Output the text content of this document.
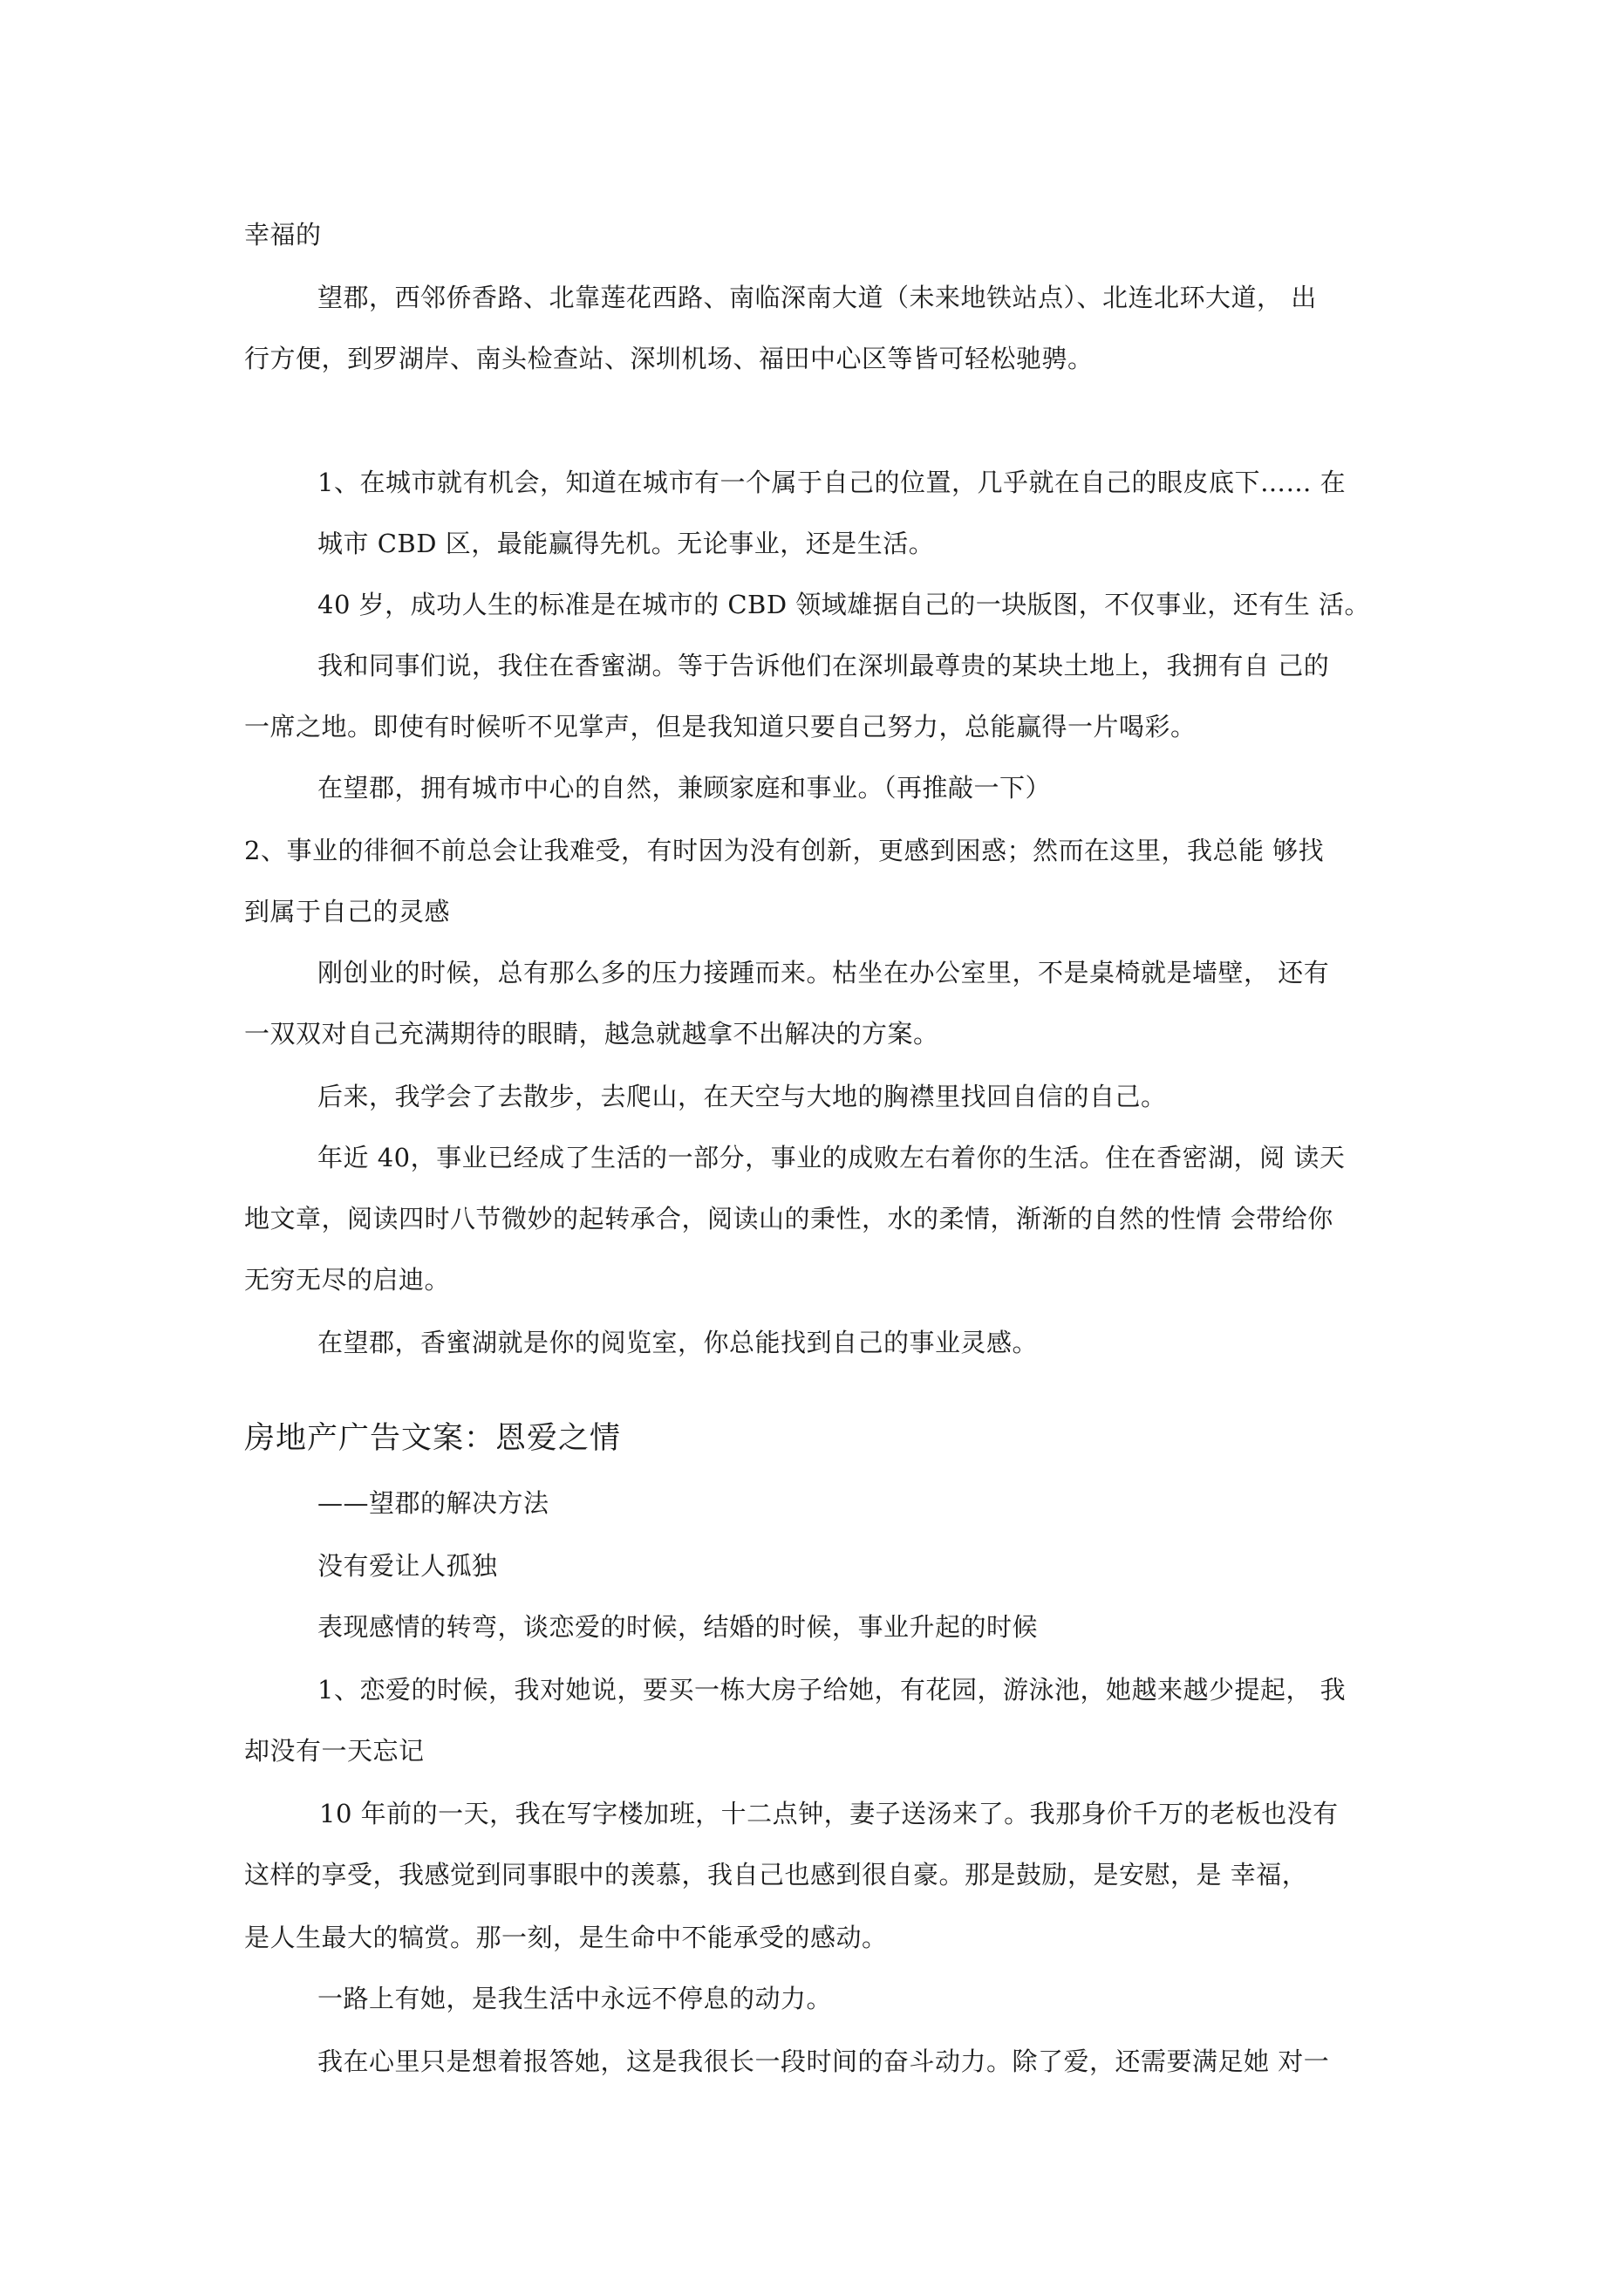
幸福的
望郡，西邻侨香路、北靠莲花西路、南临深南大道（未来地铁站点）、北连北环大道， 出
行方便，到罗湖岸、南头检查站、深圳机场、福田中心区等皆可轻松驰骋。
1、在城市就有机会，知道在城市有一个属于自己的位置，几乎就在自己的眼皮底下…… 在
城市 CBD 区，最能赢得先机。无论事业，还是生活。
40 岁，成功人生的标准是在城市的 CBD 领域雄据自己的一块版图，不仅事业，还有生 活。
我和同事们说，我住在香蜜湖。等于告诉他们在深圳最尊贵的某块土地上，我拥有自 己的
一席之地。即使有时候听不见掌声，但是我知道只要自己努力，总能赢得一片喝彩。
在望郡，拥有城市中心的自然，兼顾家庭和事业。（再推敲一下）
2、事业的徘徊不前总会让我难受，有时因为没有创新，更感到困惑；然而在这里，我总能 够找
到属于自己的灵感
刚创业的时候，总有那么多的压力接踵而来。枯坐在办公室里，不是桌椅就是墙壁， 还有
一双双对自己充满期待的眼睛，越急就越拿不出解决的方案。
后来，我学会了去散步，去爬山，在天空与大地的胸襟里找回自信的自己。
年近 40，事业已经成了生活的一部分，事业的成败左右着你的生活。住在香密湖，阅 读天
地文章，阅读四时八节微妙的起转承合，阅读山的秉性，水的柔情，渐渐的自然的性情 会带给你
无穷无尽的启迪。
在望郡，香蜜湖就是你的阅览室，你总能找到自己的事业灵感。
房地产广告文案：恩爱之情
——望郡的解决方法
没有爱让人孤独
表现感情的转弯，谈恋爱的时候，结婚的时候，事业升起的时候
1、恋爱的时候，我对她说，要买一栋大房子给她，有花园，游泳池，她越来越少提起， 我
却没有一天忘记
10 年前的一天，我在写字楼加班，十二点钟，妻子送汤来了。我那身价千万的老板也没有
这样的享受，我感觉到同事眼中的羡慕，我自己也感到很自豪。那是鼓励，是安慰，是 幸福，
是人生最大的犒赏。那一刻，是生命中不能承受的感动。
一路上有她，是我生活中永远不停息的动力。
我在心里只是想着报答她，这是我很长一段时间的奋斗动力。除了爱，还需要满足她 对一
